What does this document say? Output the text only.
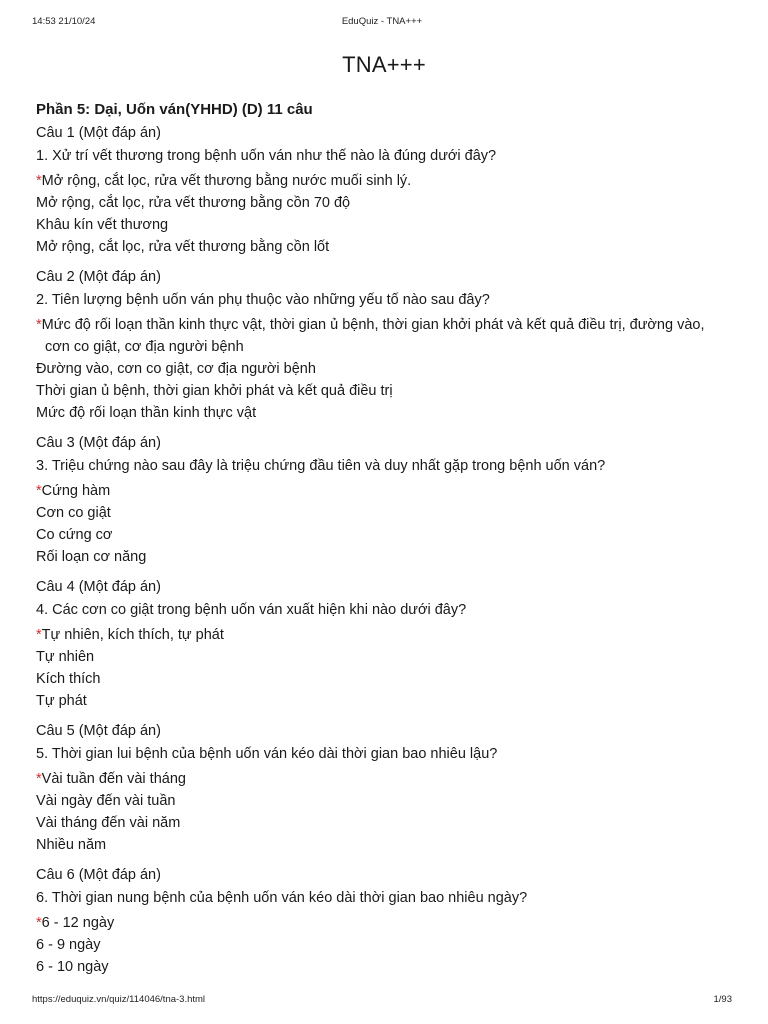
14:53 21/10/24	EduQuiz - TNA+++
TNA+++
Phần 5: Dại, Uốn ván(YHHD) (D) 11 câu
Câu 1 (Một đáp án)
1. Xử trí vết thương trong bệnh uốn ván như thế nào là đúng dưới đây?
*Mở rộng, cắt lọc, rửa vết thương bằng nước muối sinh lý.
Mở rộng, cắt lọc, rửa vết thương bằng cồn 70 độ
Khâu kín vết thương
Mở rộng, cắt lọc, rửa vết thương bằng cồn lốt
Câu 2 (Một đáp án)
2. Tiên lượng bệnh uốn ván phụ thuộc vào những yếu tố nào sau đây?
*Mức độ rối loạn thần kinh thực vật, thời gian ủ bệnh, thời gian khởi phát và kết quả điều trị, đường vào, cơn co giật, cơ địa người bệnh
Đường vào, cơn co giật, cơ địa người bệnh
Thời gian ủ bệnh, thời gian khởi phát và kết quả điều trị
Mức độ rối loạn thần kinh thực vật
Câu 3 (Một đáp án)
3. Triệu chứng nào sau đây là triệu chứng đầu tiên và duy nhất gặp trong bệnh uốn ván?
*Cứng hàm
Cơn co giật
Co cứng cơ
Rối loạn cơ năng
Câu 4 (Một đáp án)
4. Các cơn co giật trong bệnh uốn ván xuất hiện khi nào dưới đây?
*Tự nhiên, kích thích, tự phát
Tự nhiên
Kích thích
Tự phát
Câu 5 (Một đáp án)
5. Thời gian lui bệnh của bệnh uốn ván kéo dài thời gian bao nhiêu lậu?
*Vài tuần đến vài tháng
Vài ngày đến vài tuần
Vài tháng đến vài năm
Nhiều năm
Câu 6 (Một đáp án)
6. Thời gian nung bệnh của bệnh uốn ván kéo dài thời gian bao nhiêu ngày?
*6 - 12 ngày
6 - 9 ngày
6 - 10 ngày
https://eduquiz.vn/quiz/114046/tna-3.html	1/93
